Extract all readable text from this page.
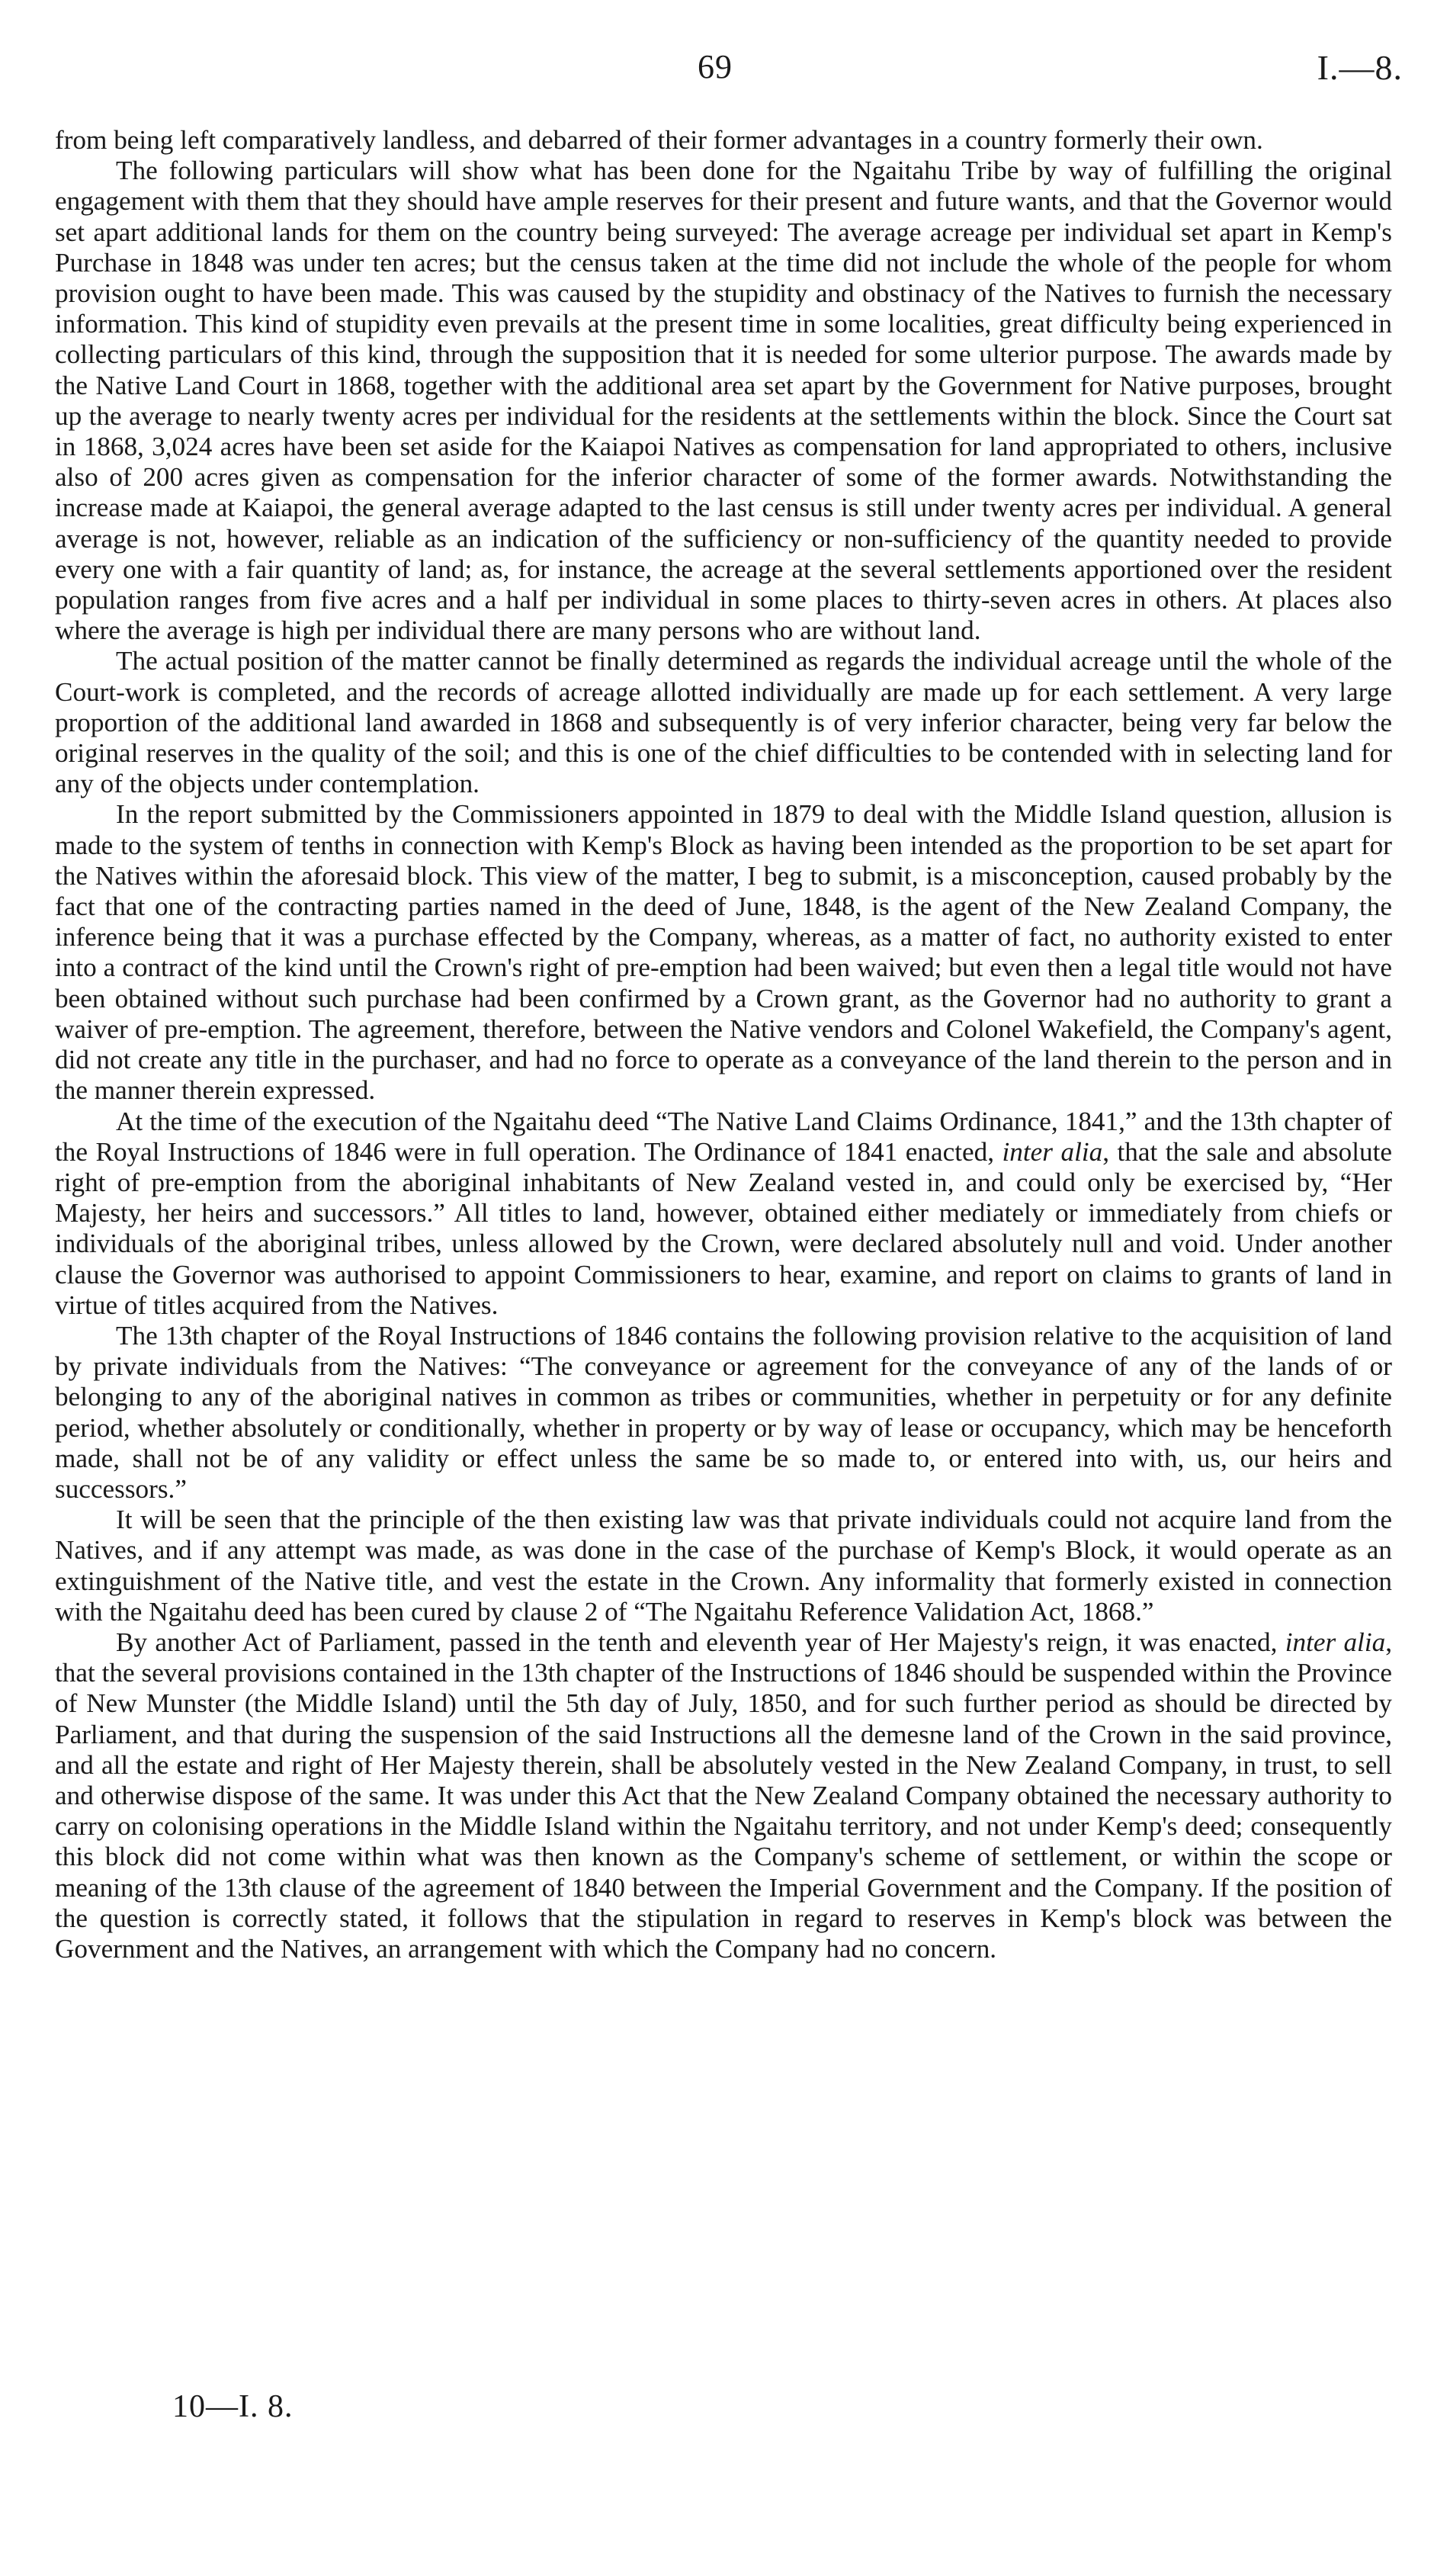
69	I.—8.

from being left comparatively landless, and debarred of their former advantages in a country formerly their own.

The following particulars will show what has been done for the Ngaitahu Tribe by way of fulfilling the original engagement with them that they should have ample reserves for their present and future wants, and that the Governor would set apart additional lands for them on the country being surveyed: The average acreage per individual set apart in Kemp's Purchase in 1848 was under ten acres; but the census taken at the time did not include the whole of the people for whom provision ought to have been made. This was caused by the stupidity and obstinacy of the Natives to furnish the necessary information. This kind of stupidity even prevails at the present time in some localities, great difficulty being experienced in collecting particulars of this kind, through the supposition that it is needed for some ulterior purpose. The awards made by the Native Land Court in 1868, together with the additional area set apart by the Government for Native purposes, brought up the average to nearly twenty acres per individual for the residents at the settlements within the block. Since the Court sat in 1868, 3,024 acres have been set aside for the Kaiapoi Natives as compensation for land appropriated to others, inclusive also of 200 acres given as compensation for the inferior character of some of the former awards. Notwithstanding the increase made at Kaiapoi, the general average adapted to the last census is still under twenty acres per individual. A general average is not, however, reliable as an indication of the sufficiency or non-sufficiency of the quantity needed to provide every one with a fair quantity of land; as, for instance, the acreage at the several settlements apportioned over the resident population ranges from five acres and a half per individual in some places to thirty-seven acres in others. At places also where the average is high per individual there are many persons who are without land.

The actual position of the matter cannot be finally determined as regards the individual acreage until the whole of the Court-work is completed, and the records of acreage allotted individually are made up for each settlement. A very large proportion of the additional land awarded in 1868 and subsequently is of very inferior character, being very far below the original reserves in the quality of the soil; and this is one of the chief difficulties to be contended with in selecting land for any of the objects under contemplation.

In the report submitted by the Commissioners appointed in 1879 to deal with the Middle Island question, allusion is made to the system of tenths in connection with Kemp's Block as having been intended as the proportion to be set apart for the Natives within the aforesaid block. This view of the matter, I beg to submit, is a misconception, caused probably by the fact that one of the contracting parties named in the deed of June, 1848, is the agent of the New Zealand Company, the inference being that it was a purchase effected by the Company, whereas, as a matter of fact, no authority existed to enter into a contract of the kind until the Crown's right of pre-emption had been waived; but even then a legal title would not have been obtained without such purchase had been confirmed by a Crown grant, as the Governor had no authority to grant a waiver of pre-emption. The agreement, therefore, between the Native vendors and Colonel Wakefield, the Company's agent, did not create any title in the purchaser, and had no force to operate as a conveyance of the land therein to the person and in the manner therein expressed.

At the time of the execution of the Ngaitahu deed “The Native Land Claims Ordinance, 1841,” and the 13th chapter of the Royal Instructions of 1846 were in full operation. The Ordinance of 1841 enacted, inter alia, that the sale and absolute right of pre-emption from the aboriginal inhabitants of New Zealand vested in, and could only be exercised by, “Her Majesty, her heirs and successors.” All titles to land, however, obtained either mediately or immediately from chiefs or individuals of the aboriginal tribes, unless allowed by the Crown, were declared absolutely null and void. Under another clause the Governor was authorised to appoint Commissioners to hear, examine, and report on claims to grants of land in virtue of titles acquired from the Natives.

The 13th chapter of the Royal Instructions of 1846 contains the following provision relative to the acquisition of land by private individuals from the Natives: “The conveyance or agreement for the conveyance of any of the lands of or belonging to any of the aboriginal natives in common as tribes or communities, whether in perpetuity or for any definite period, whether absolutely or conditionally, whether in property or by way of lease or occupancy, which may be henceforth made, shall not be of any validity or effect unless the same be so made to, or entered into with, us, our heirs and successors.”

It will be seen that the principle of the then existing law was that private individuals could not acquire land from the Natives, and if any attempt was made, as was done in the case of the purchase of Kemp's Block, it would operate as an extinguishment of the Native title, and vest the estate in the Crown. Any informality that formerly existed in connection with the Ngaitahu deed has been cured by clause 2 of “The Ngaitahu Reference Validation Act, 1868.”

By another Act of Parliament, passed in the tenth and eleventh year of Her Majesty's reign, it was enacted, inter alia, that the several provisions contained in the 13th chapter of the Instructions of 1846 should be suspended within the Province of New Munster (the Middle Island) until the 5th day of July, 1850, and for such further period as should be directed by Parliament, and that during the suspension of the said Instructions all the demesne land of the Crown in the said province, and all the estate and right of Her Majesty therein, shall be absolutely vested in the New Zealand Company, in trust, to sell and otherwise dispose of the same. It was under this Act that the New Zealand Company obtained the necessary authority to carry on colonising operations in the Middle Island within the Ngaitahu territory, and not under Kemp's deed; consequently this block did not come within what was then known as the Company's scheme of settlement, or within the scope or meaning of the 13th clause of the agreement of 1840 between the Imperial Government and the Company. If the position of the question is correctly stated, it follows that the stipulation in regard to reserves in Kemp's block was between the Government and the Natives, an arrangement with which the Company had no concern.

10—I. 8.
